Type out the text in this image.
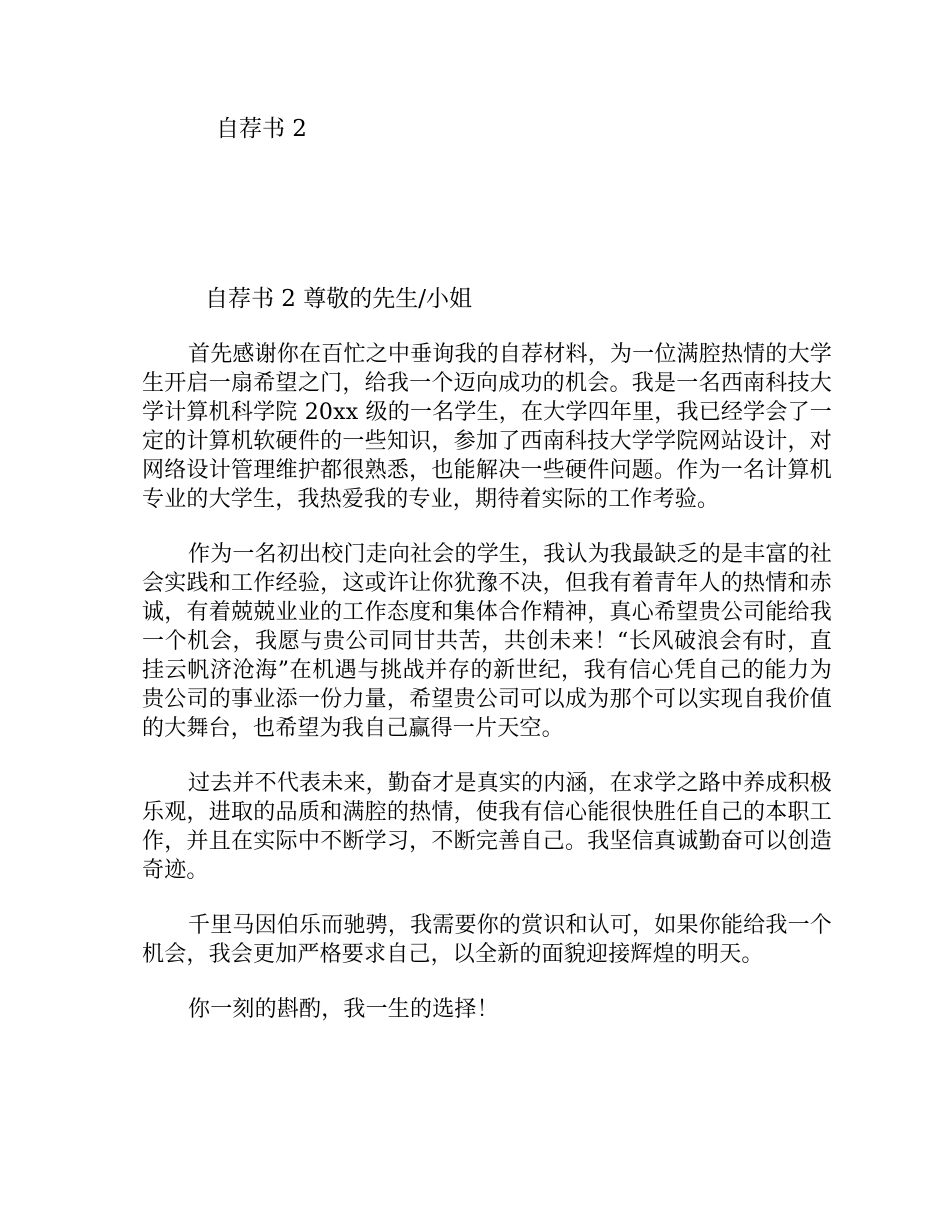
自荐书 2

自荐书 2 尊敬的先生/小姐

首先感谢你在百忙之中垂询我的自荐材料，为一位满腔热情的大学生开启一扇希望之门，给我一个迈向成功的机会。我是一名西南科技大学计算机科学院 20xx 级的一名学生，在大学四年里，我已经学会了一定的计算机软硬件的一些知识，参加了西南科技大学学院网站设计，对网络设计管理维护都很熟悉，也能解决一些硬件问题。作为一名计算机专业的大学生，我热爱我的专业，期待着实际的工作考验。

作为一名初出校门走向社会的学生，我认为我最缺乏的是丰富的社会实践和工作经验，这或许让你犹豫不决，但我有着青年人的热情和赤诚，有着兢兢业业的工作态度和集体合作精神，真心希望贵公司能给我一个机会，我愿与贵公司同甘共苦，共创未来！“长风破浪会有时，直挂云帆济沧海”在机遇与挑战并存的新世纪，我有信心凭自己的能力为贵公司的事业添一份力量，希望贵公司可以成为那个可以实现自我价值的大舞台，也希望为我自己赢得一片天空。

过去并不代表未来，勤奋才是真实的内涵，在求学之路中养成积极乐观，进取的品质和满腔的热情，使我有信心能很快胜任自己的本职工作，并且在实际中不断学习，不断完善自己。我坚信真诚勤奋可以创造奇迹。

千里马因伯乐而驰骋，我需要你的赏识和认可，如果你能给我一个机会，我会更加严格要求自己，以全新的面貌迎接辉煌的明天。

你一刻的斟酌，我一生的选择！
